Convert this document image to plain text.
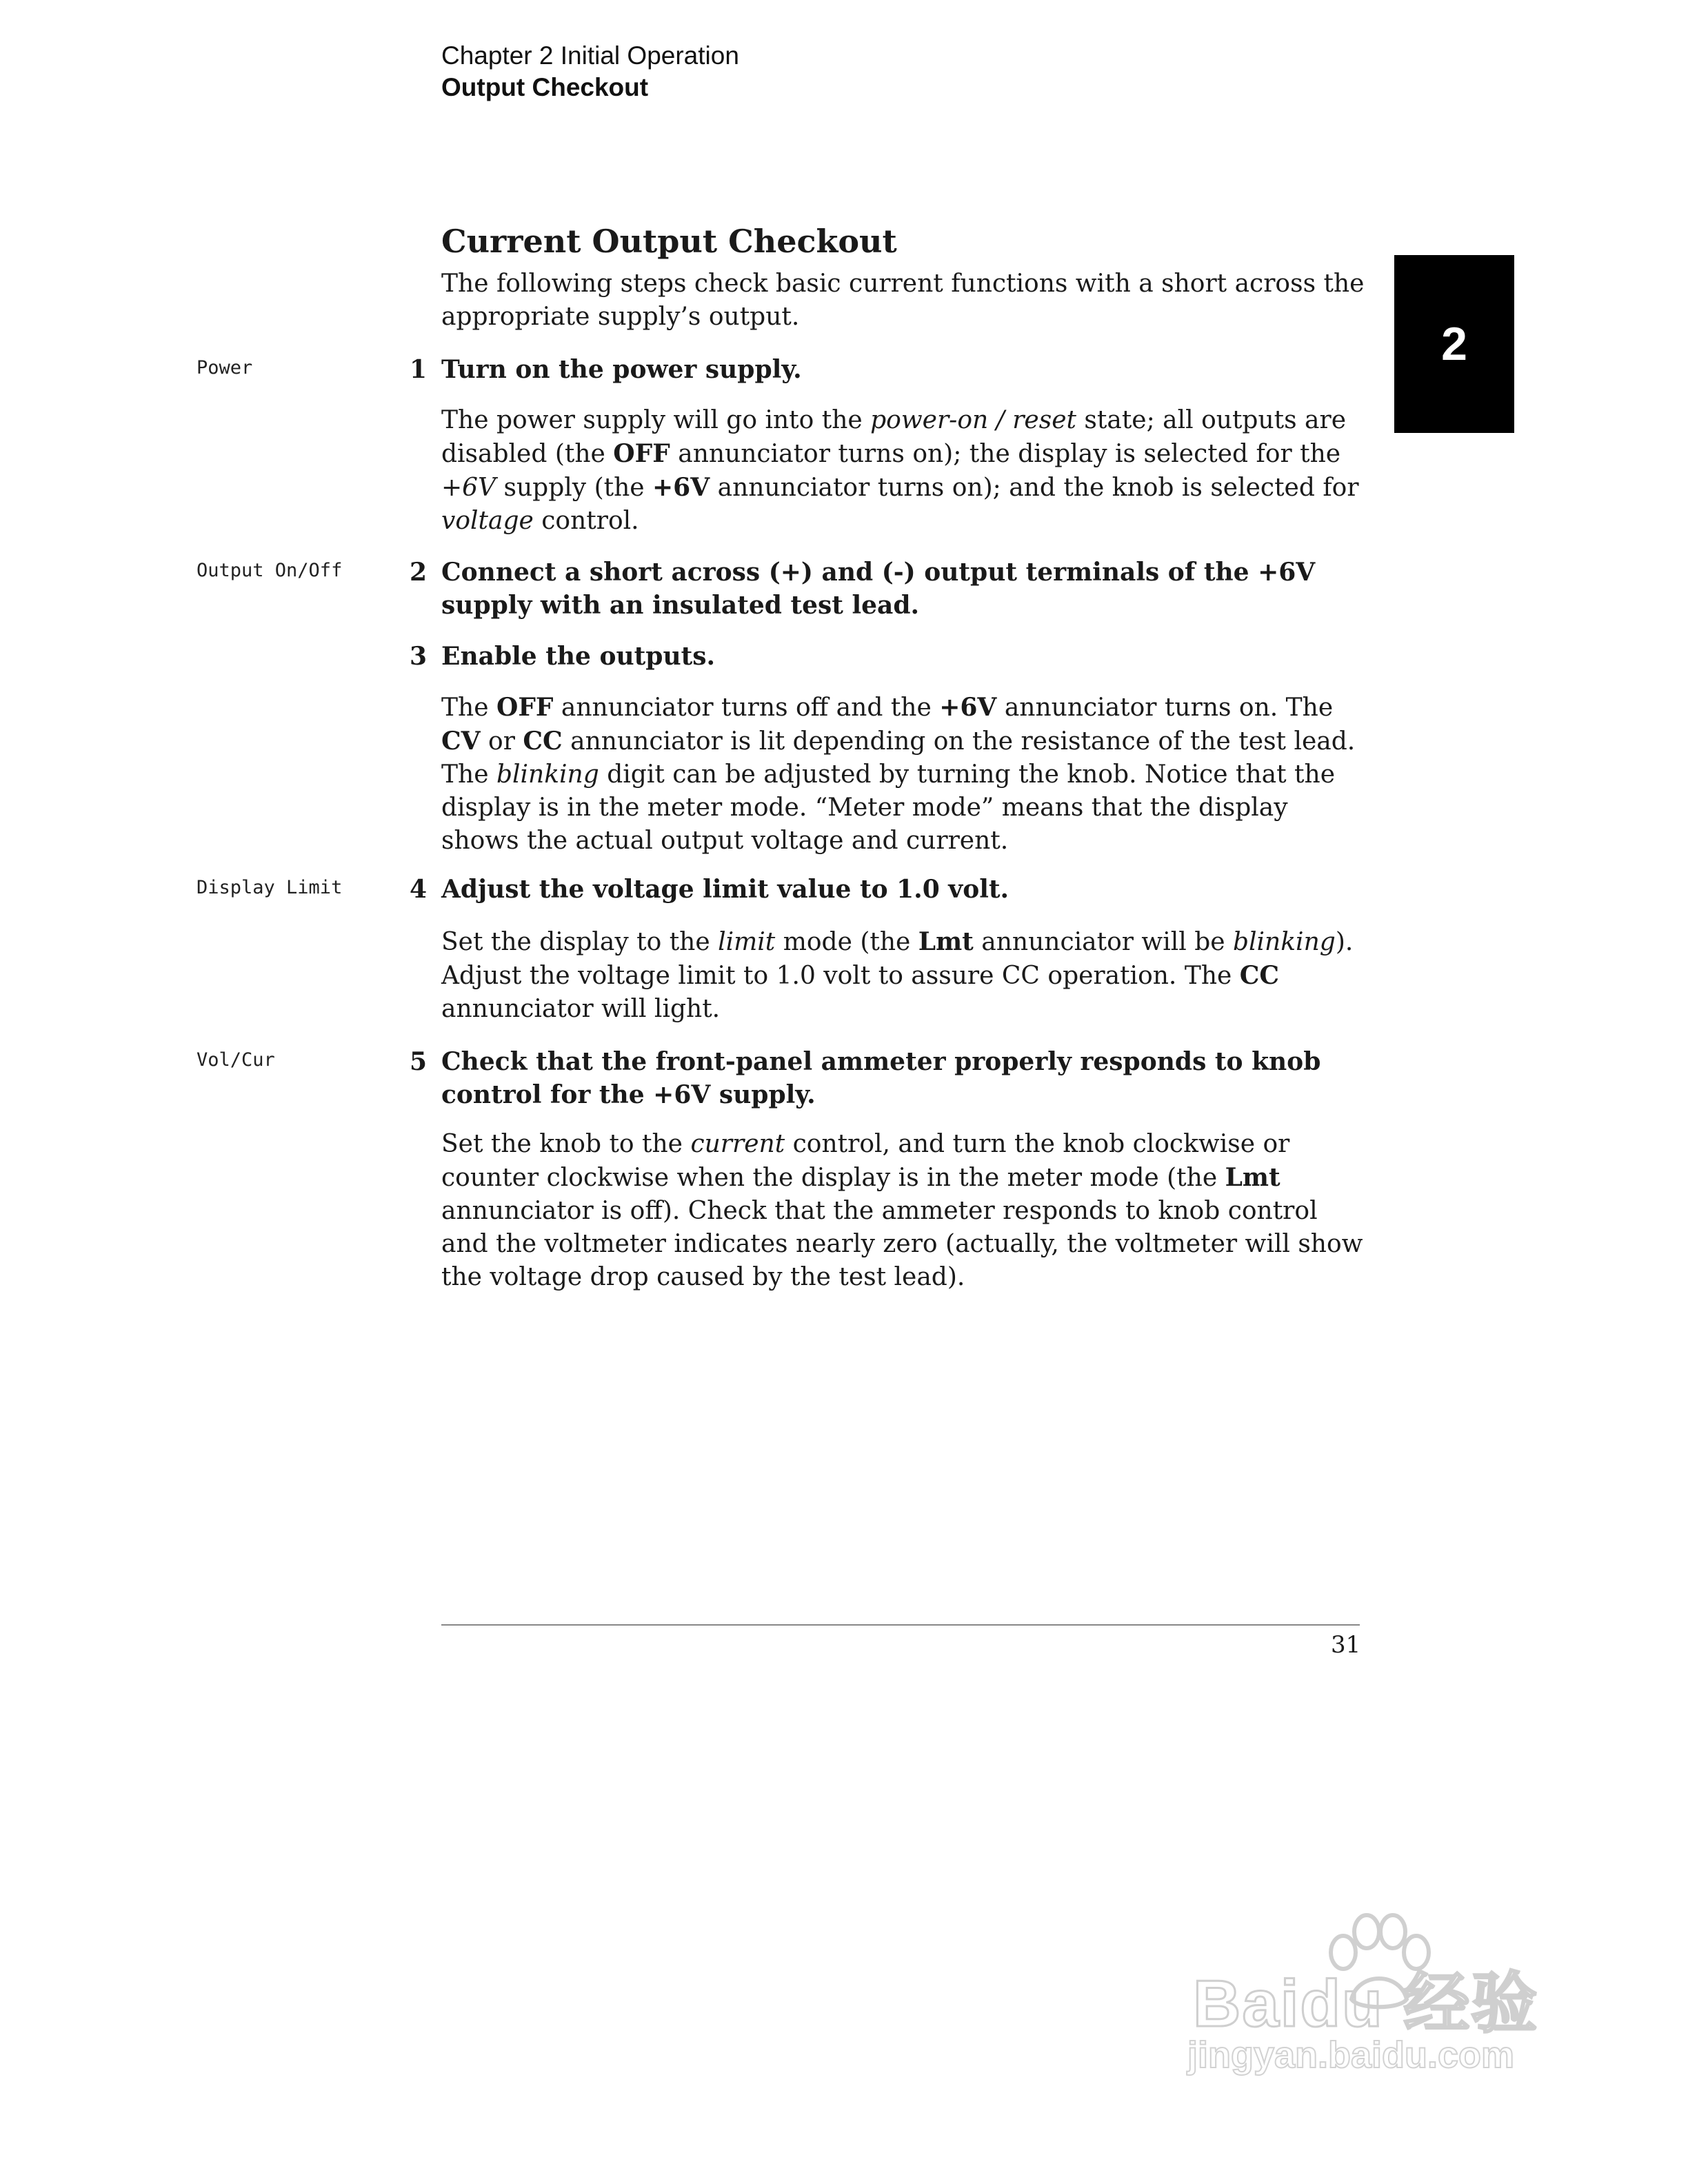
Chapter 2 Initial Operation
Output Checkout
2
Current Output Checkout
The following steps check basic current functions with a short across the appropriate supply’s output.
Power
Output On/Off
Display Limit
Vol/Cur
1 Turn on the power supply.
The power supply will go into the power-on / reset state; all outputs are disabled (the OFF annunciator turns on); the display is selected for the +6V supply (the +6V annunciator turns on); and the knob is selected for voltage control.
2 Connect a short across (+) and (-) output terminals of the +6V supply with an insulated test lead.
3 Enable the outputs.
The OFF annunciator turns off and the +6V annunciator turns on. The CV or CC annunciator is lit depending on the resistance of the test lead. The blinking digit can be adjusted by turning the knob. Notice that the display is in the meter mode. “Meter mode” means that the display shows the actual output voltage and current.
4 Adjust the voltage limit value to 1.0 volt.
Set the display to the limit mode (the Lmt annunciator will be blinking). Adjust the voltage limit to 1.0 volt to assure CC operation. The CC annunciator will light.
5 Check that the front-panel ammeter properly responds to knob control for the +6V supply.
Set the knob to the current control, and turn the knob clockwise or counter clockwise when the display is in the meter mode (the Lmt annunciator is off). Check that the ammeter responds to knob control and the voltmeter indicates nearly zero (actually, the voltmeter will show the voltage drop caused by the test lead).
31
Baidu 经验
jingyan.baidu.com
